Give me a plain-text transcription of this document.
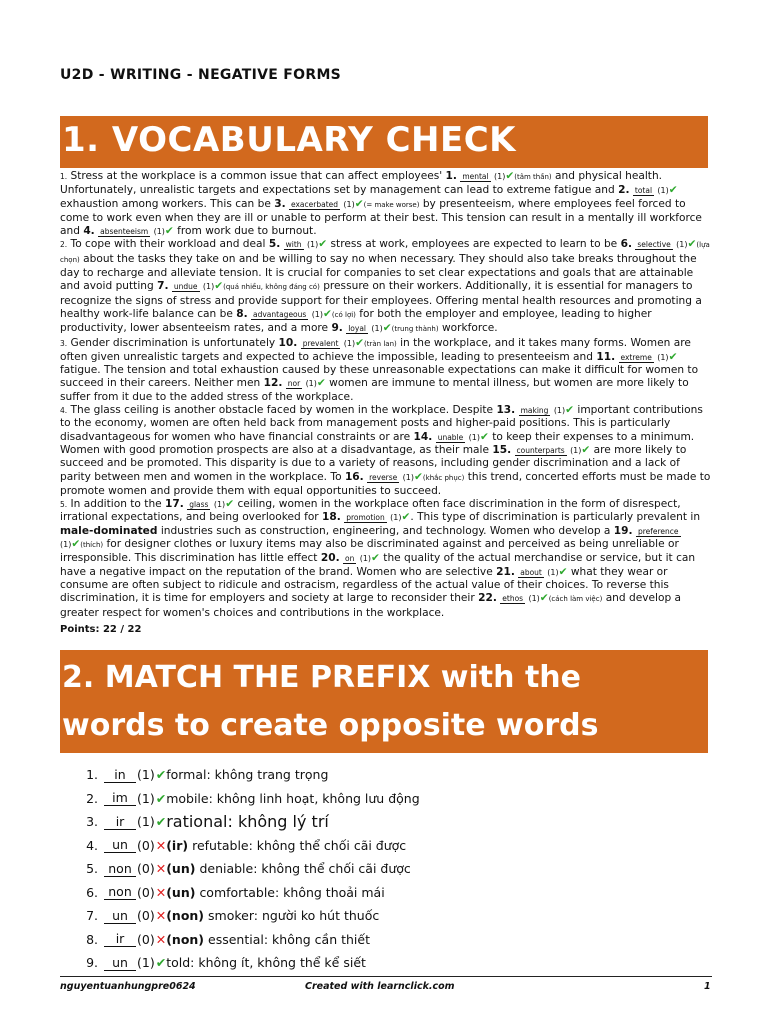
U2D - WRITING - NEGATIVE FORMS
1. VOCABULARY CHECK

1. Stress at the workplace is a common issue that can affect employees' 1. mental (1)✔(tâm thần) and physical health. Unfortunately, unrealistic targets and expectations set by management can lead to extreme fatigue and 2. total (1)✔ exhaustion among workers. This can be 3. exacerbated (1)✔(= make worse) by presenteeism, where employees feel forced to come to work even when they are ill or unable to perform at their best. This tension can result in a mentally ill workforce and 4. absenteeism (1)✔ from work due to burnout.

2. To cope with their workload and deal 5. with (1)✔ stress at work, employees are expected to learn to be 6. selective (1)✔(lựa chọn) about the tasks they take on and be willing to say no when necessary. They should also take breaks throughout the day to recharge and alleviate tension. It is crucial for companies to set clear expectations and goals that are attainable and avoid putting 7. undue (1)✔(quá nhiều, không đáng có) pressure on their workers. Additionally, it is essential for managers to recognize the signs of stress and provide support for their employees. Offering mental health resources and promoting a healthy work-life balance can be 8. advantageous (1)✔(có lợi) for both the employer and employee, leading to higher productivity, lower absenteeism rates, and a more 9. loyal (1)✔(trung thành) workforce.

3. Gender discrimination is unfortunately 10. prevalent (1)✔(tràn lan) in the workplace, and it takes many forms. Women are often given unrealistic targets and expected to achieve the impossible, leading to presenteeism and 11. extreme (1)✔ fatigue. The tension and total exhaustion caused by these unreasonable expectations can make it difficult for women to succeed in their careers. Neither men 12. nor (1)✔ women are immune to mental illness, but women are more likely to suffer from it due to the added stress of the workplace.

4. The glass ceiling is another obstacle faced by women in the workplace. Despite 13. making (1)✔ important contributions to the economy, women are often held back from management posts and higher-paid positions. This is particularly disadvantageous for women who have financial constraints or are 14. unable (1)✔ to keep their expenses to a minimum. Women with good promotion prospects are also at a disadvantage, as their male 15. counterparts (1)✔ are more likely to succeed and be promoted. This disparity is due to a variety of reasons, including gender discrimination and a lack of parity between men and women in the workplace. To 16. reverse (1)✔(khắc phục) this trend, concerted efforts must be made to promote women and provide them with equal opportunities to succeed.

5. In addition to the 17. glass (1)✔ ceiling, women in the workplace often face discrimination in the form of disrespect, irrational expectations, and being overlooked for 18. promotion (1)✔. This type of discrimination is particularly prevalent in male-dominated industries such as construction, engineering, and technology. Women who develop a 19. preference (1)✔(thích) for designer clothes or luxury items may also be discriminated against and perceived as being unreliable or irresponsible. This discrimination has little effect 20. on (1)✔ the quality of the actual merchandise or service, but it can have a negative impact on the reputation of the brand. Women who are selective 21. about (1)✔ what they wear or consume are often subject to ridicule and ostracism, regardless of the actual value of their choices. To reverse this discrimination, it is time for employers and society at large to reconsider their 22. ethos (1)✔(cách làm việc) and develop a greater respect for women's choices and contributions in the workplace.

Points: 22 / 22
2. MATCH THE PREFIX with the
words to create opposite words
1.	in (1) ✔ formal: không trang trọng
2.	im (1) ✔ mobile: không linh hoạt, không lưu động
3.	ir	(1) ✔ rational: không lý trí
4.	un (0) ✕ (ir) refutable: không thể chối cãi được
5. non (0) ✕ (un) deniable: không thể chối cãi được
6. non (0) ✕ (un) comfortable: không thoải mái
7.	un (0) ✕ (non) smoker: người ko hút thuốc
8.	ir	(0) ✕ (non) essential: không cần thiết
9.	un (1) ✔ told: không ít, không thể kể siết
nguyentuanhungpre0624	Created with learnclick.com	1
